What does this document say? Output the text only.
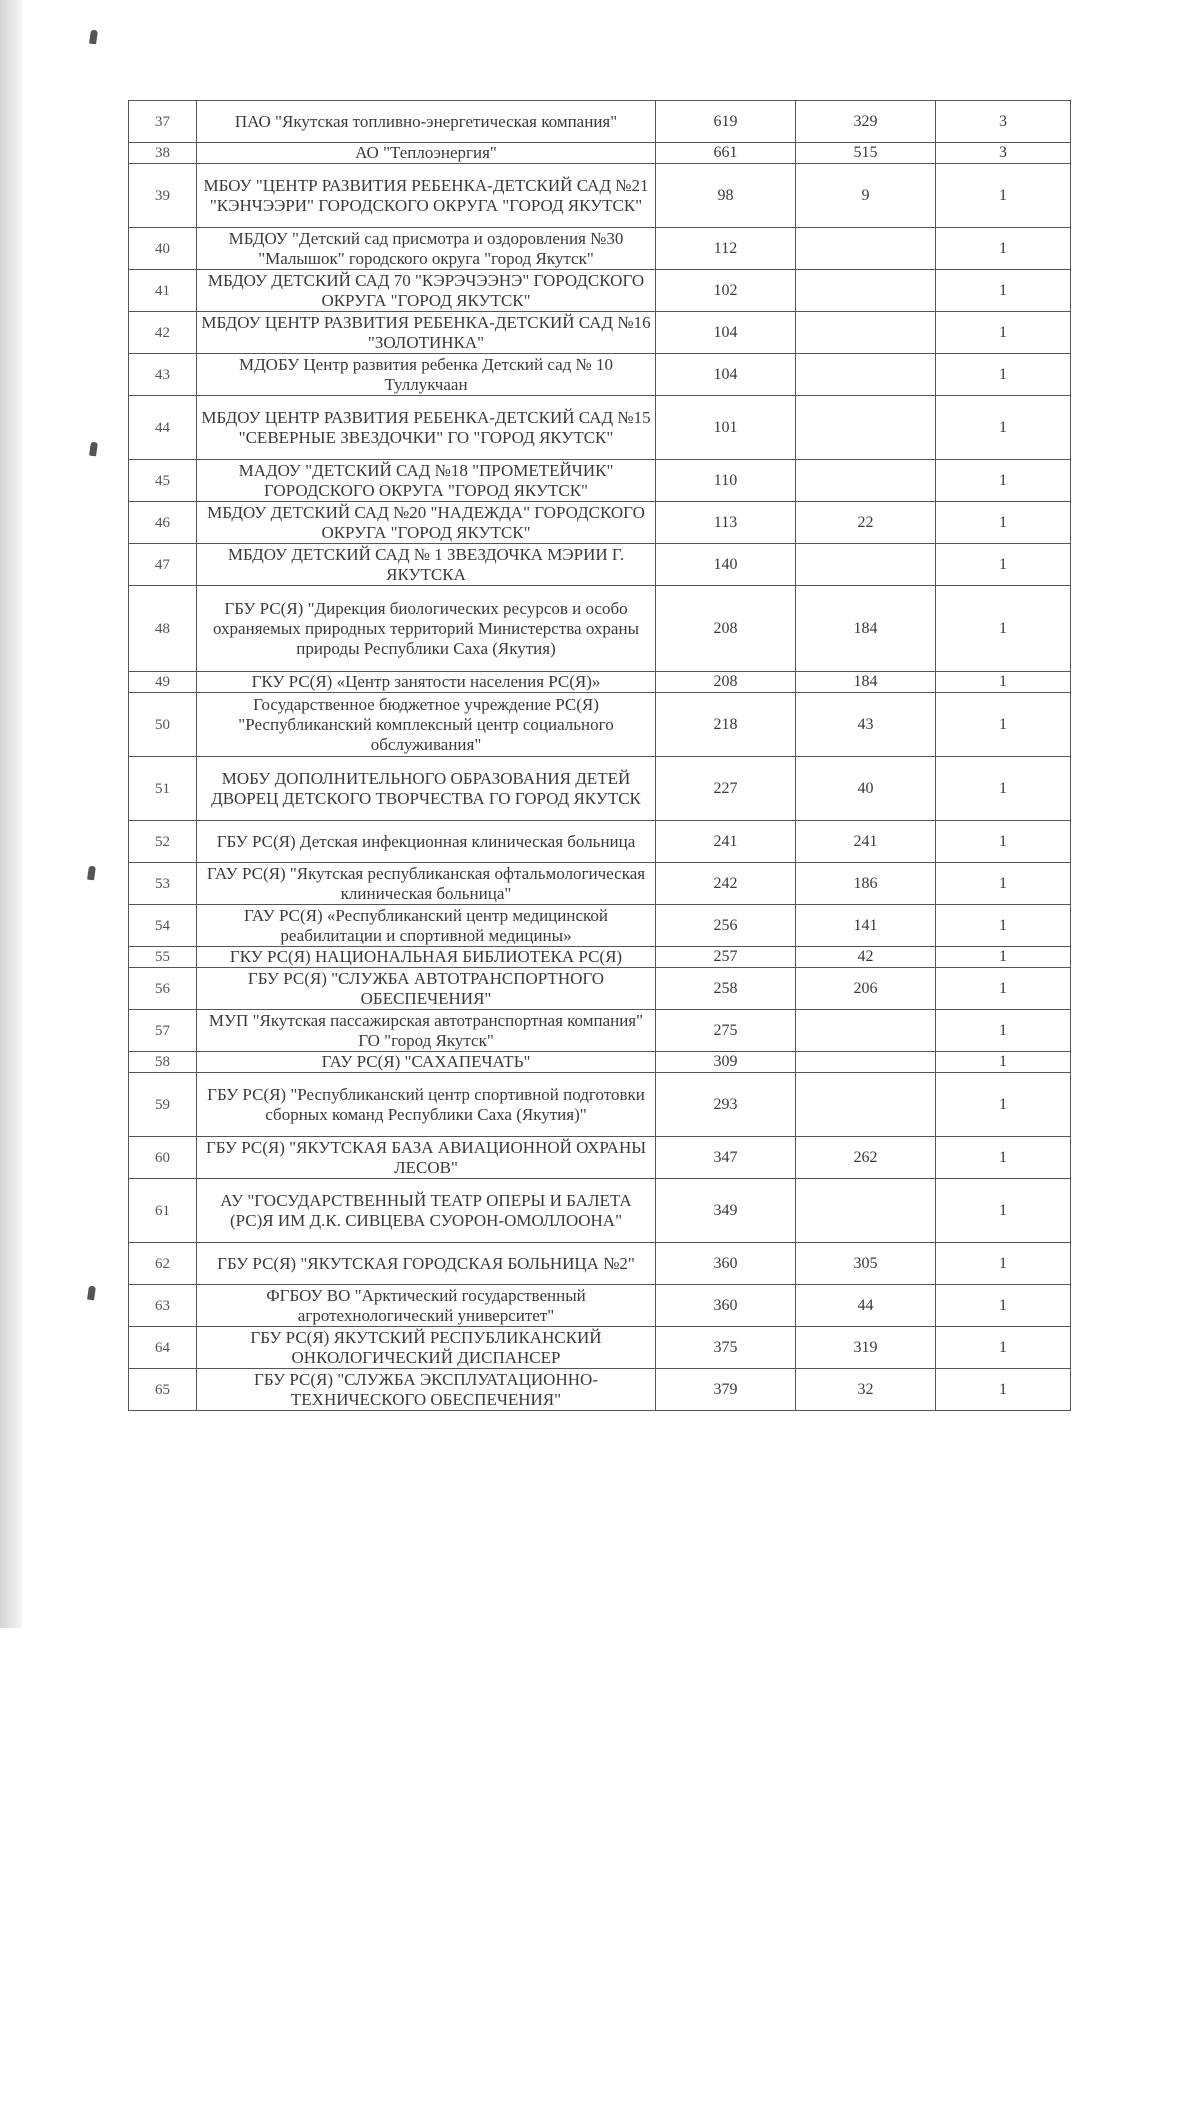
37	ПАО "Якутская топливно-энергетическая компания"	619	329	3
38	АО "Теплоэнергия"	661	515	3
39	МБОУ "ЦЕНТР РАЗВИТИЯ РЕБЕНКА-ДЕТСКИЙ САД №21 "КЭНЧЭЭРИ" ГОРОДСКОГО ОКРУГА "ГОРОД ЯКУТСК"	98	9	1
40	МБДОУ "Детский сад присмотра и оздоровления №30 "Малышок" городского округа "город Якутск"	112		1
41	МБДОУ ДЕТСКИЙ САД 70 "КЭРЭЧЭЭНЭ" ГОРОДСКОГО ОКРУГА "ГОРОД ЯКУТСК"	102		1
42	МБДОУ ЦЕНТР РАЗВИТИЯ РЕБЕНКА-ДЕТСКИЙ САД №16 "ЗОЛОТИНКА"	104		1
43	МДОБУ Центр развития ребенка Детский сад № 10 Туллукчаан	104		1
44	МБДОУ ЦЕНТР РАЗВИТИЯ РЕБЕНКА-ДЕТСКИЙ САД №15 "СЕВЕРНЫЕ ЗВЕЗДОЧКИ" ГО "ГОРОД ЯКУТСК"	101		1
45	МАДОУ "ДЕТСКИЙ САД №18 "ПРОМЕТЕЙЧИК" ГОРОДСКОГО ОКРУГА "ГОРОД ЯКУТСК"	110		1
46	МБДОУ ДЕТСКИЙ САД №20 "НАДЕЖДА" ГОРОДСКОГО ОКРУГА "ГОРОД ЯКУТСК"	113	22	1
47	МБДОУ ДЕТСКИЙ САД № 1 ЗВЕЗДОЧКА МЭРИИ Г. ЯКУТСКА	140		1
48	ГБУ РС(Я) "Дирекция биологических ресурсов и особо охраняемых природных территорий Министерства охраны природы Республики Саха (Якутия)	208	184	1
49	ГКУ РС(Я) «Центр занятости населения РС(Я)»	208	184	1
50	Государственное бюджетное учреждение РС(Я) "Республиканский комплексный центр социального обслуживания"	218	43	1
51	МОБУ ДОПОЛНИТЕЛЬНОГО ОБРАЗОВАНИЯ ДЕТЕЙ ДВОРЕЦ ДЕТСКОГО ТВОРЧЕСТВА ГО ГОРОД ЯКУТСК	227	40	1
52	ГБУ РС(Я) Детская инфекционная клиническая больница	241	241	1
53	ГАУ РС(Я) "Якутская республиканская офтальмологическая клиническая больница"	242	186	1
54	ГАУ РС(Я) «Республиканский центр медицинской реабилитации и спортивной медицины»	256	141	1
55	ГКУ РС(Я) НАЦИОНАЛЬНАЯ БИБЛИОТЕКА РС(Я)	257	42	1
56	ГБУ РС(Я) "СЛУЖБА АВТОТРАНСПОРТНОГО ОБЕСПЕЧЕНИЯ"	258	206	1
57	МУП "Якутская пассажирская автотранспортная компания" ГО "город Якутск"	275		1
58	ГАУ РС(Я) "САХАПЕЧАТЬ"	309		1
59	ГБУ РС(Я) "Республиканский центр спортивной подготовки сборных команд Республики Саха (Якутия)"	293		1
60	ГБУ РС(Я) "ЯКУТСКАЯ БАЗА АВИАЦИОННОЙ ОХРАНЫ ЛЕСОВ"	347	262	1
61	АУ "ГОСУДАРСТВЕННЫЙ ТЕАТР ОПЕРЫ И БАЛЕТА (РС)Я ИМ Д.К. СИВЦЕВА СУОРОН-ОМОЛЛООНА"	349		1
62	ГБУ РС(Я) "ЯКУТСКАЯ ГОРОДСКАЯ БОЛЬНИЦА №2"	360	305	1
63	ФГБОУ ВО "Арктический государственный агротехнологический университет"	360	44	1
64	ГБУ РС(Я) ЯКУТСКИЙ РЕСПУБЛИКАНСКИЙ ОНКОЛОГИЧЕСКИЙ ДИСПАНСЕР	375	319	1
65	ГБУ РС(Я) "СЛУЖБА ЭКСПЛУАТАЦИОННО-ТЕХНИЧЕСКОГО ОБЕСПЕЧЕНИЯ"	379	32	1
